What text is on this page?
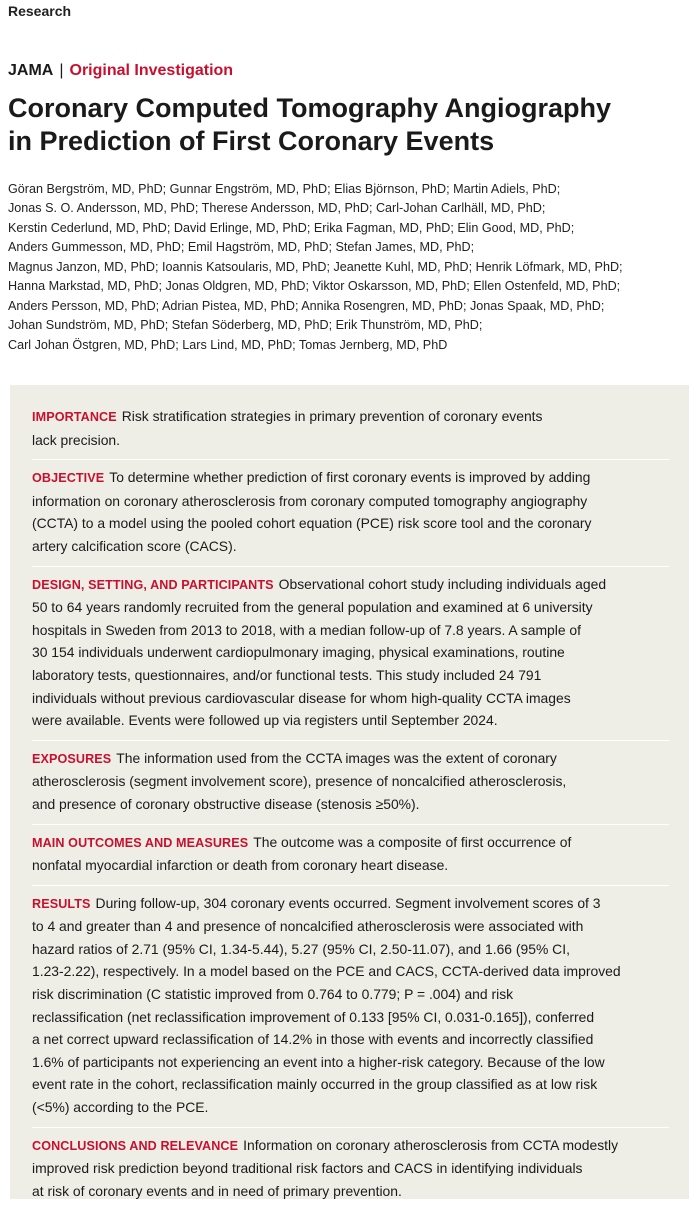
Research
JAMA | Original Investigation
Coronary Computed Tomography Angiography
in Prediction of First Coronary Events
Göran Bergström, MD, PhD; Gunnar Engström, MD, PhD; Elias Björnson, PhD; Martin Adiels, PhD;
Jonas S. O. Andersson, MD, PhD; Therese Andersson, MD, PhD; Carl-Johan Carlhäll, MD, PhD;
Kerstin Cederlund, MD, PhD; David Erlinge, MD, PhD; Erika Fagman, MD, PhD; Elin Good, MD, PhD;
Anders Gummesson, MD, PhD; Emil Hagström, MD, PhD; Stefan James, MD, PhD;
Magnus Janzon, MD, PhD; Ioannis Katsoularis, MD, PhD; Jeanette Kuhl, MD, PhD; Henrik Löfmark, MD, PhD;
Hanna Markstad, MD, PhD; Jonas Oldgren, MD, PhD; Viktor Oskarsson, MD, PhD; Ellen Ostenfeld, MD, PhD;
Anders Persson, MD, PhD; Adrian Pistea, MD, PhD; Annika Rosengren, MD, PhD; Jonas Spaak, MD, PhD;
Johan Sundström, MD, PhD; Stefan Söderberg, MD, PhD; Erik Thunström, MD, PhD;
Carl Johan Östgren, MD, PhD; Lars Lind, MD, PhD; Tomas Jernberg, MD, PhD
IMPORTANCE Risk stratification strategies in primary prevention of coronary events
lack precision.
OBJECTIVE To determine whether prediction of first coronary events is improved by adding
information on coronary atherosclerosis from coronary computed tomography angiography
(CCTA) to a model using the pooled cohort equation (PCE) risk score tool and the coronary
artery calcification score (CACS).
DESIGN, SETTING, AND PARTICIPANTS Observational cohort study including individuals aged
50 to 64 years randomly recruited from the general population and examined at 6 university
hospitals in Sweden from 2013 to 2018, with a median follow-up of 7.8 years. A sample of
30 154 individuals underwent cardiopulmonary imaging, physical examinations, routine
laboratory tests, questionnaires, and/or functional tests. This study included 24 791
individuals without previous cardiovascular disease for whom high-quality CCTA images
were available. Events were followed up via registers until September 2024.
EXPOSURES The information used from the CCTA images was the extent of coronary
atherosclerosis (segment involvement score), presence of noncalcified atherosclerosis,
and presence of coronary obstructive disease (stenosis ≥50%).
MAIN OUTCOMES AND MEASURES The outcome was a composite of first occurrence of
nonfatal myocardial infarction or death from coronary heart disease.
RESULTS During follow-up, 304 coronary events occurred. Segment involvement scores of 3
to 4 and greater than 4 and presence of noncalcified atherosclerosis were associated with
hazard ratios of 2.71 (95% CI, 1.34-5.44), 5.27 (95% CI, 2.50-11.07), and 1.66 (95% CI,
1.23-2.22), respectively. In a model based on the PCE and CACS, CCTA-derived data improved
risk discrimination (C statistic improved from 0.764 to 0.779; P = .004) and risk
reclassification (net reclassification improvement of 0.133 [95% CI, 0.031-0.165]), conferred
a net correct upward reclassification of 14.2% in those with events and incorrectly classified
1.6% of participants not experiencing an event into a higher-risk category. Because of the low
event rate in the cohort, reclassification mainly occurred in the group classified as at low risk
(<5%) according to the PCE.
CONCLUSIONS AND RELEVANCE Information on coronary atherosclerosis from CCTA modestly
improved risk prediction beyond traditional risk factors and CACS in identifying individuals
at risk of coronary events and in need of primary prevention.
